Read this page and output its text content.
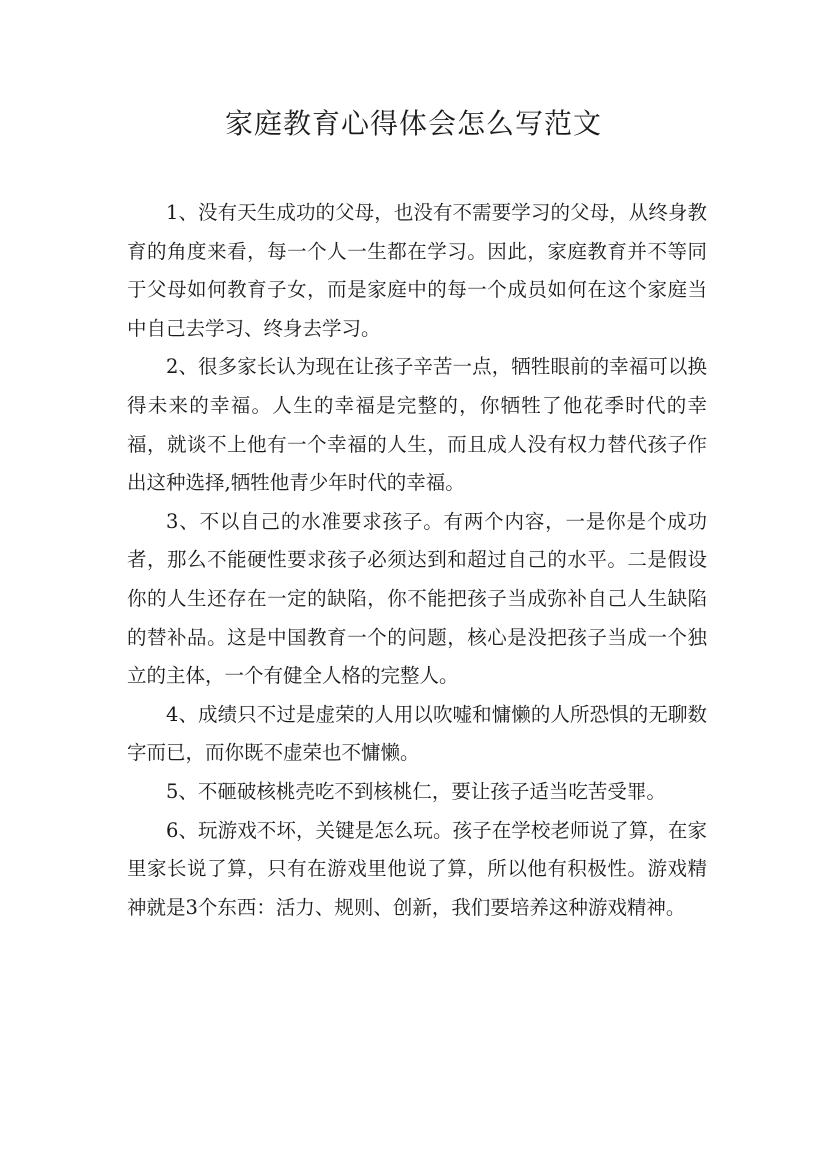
家庭教育心得体会怎么写范文

1、没有天生成功的父母，也没有不需要学习的父母，从终身教育的角度来看，每一个人一生都在学习。因此，家庭教育并不等同于父母如何教育子女，而是家庭中的每一个成员如何在这个家庭当中自己去学习、终身去学习。

2、很多家长认为现在让孩子辛苦一点，牺牲眼前的幸福可以换得未来的幸福。人生的幸福是完整的，你牺牲了他花季时代的幸福，就谈不上他有一个幸福的人生，而且成人没有权力替代孩子作出这种选择,牺牲他青少年时代的幸福。

3、不以自己的水准要求孩子。有两个内容，一是你是个成功者，那么不能硬性要求孩子必须达到和超过自己的水平。二是假设你的人生还存在一定的缺陷，你不能把孩子当成弥补自己人生缺陷的替补品。这是中国教育一个的问题，核心是没把孩子当成一个独立的主体，一个有健全人格的完整人。

4、成绩只不过是虚荣的人用以吹嘘和慵懒的人所恐惧的无聊数字而已，而你既不虚荣也不慵懒。

5、不砸破核桃壳吃不到核桃仁，要让孩子适当吃苦受罪。

6、玩游戏不坏，关键是怎么玩。孩子在学校老师说了算，在家里家长说了算，只有在游戏里他说了算，所以他有积极性。游戏精神就是3个东西：活力、规则、创新，我们要培养这种游戏精神。
